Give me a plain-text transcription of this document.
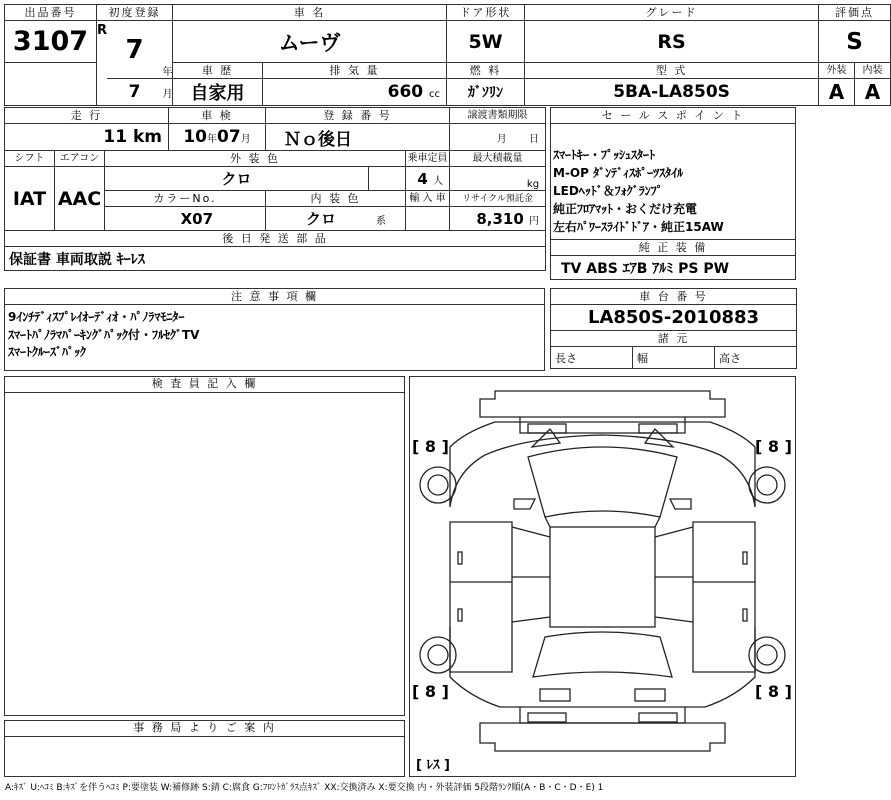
出品番号	初度登録			車 名		ドア形状	グレード	評価点	
3107	R	7	年	ムーヴ		5W	RS	S	
				車 歴	排 気 量	燃 料	型 式	外装	内装
		7	月	自家用	660 cc	ｶﾞｿﾘﾝ	5BA-LA850S	A	A
走 行			車 検	登 録 番 号			譲渡書類期限
11 km			10年07月	Ｎｏ後日			月 日
シフト	エアコン	外 装 色				乗車定員	最大積載量
IAT	AAC	クロ				4 人	kg
		カラーNo.		内 装 色		輸 入 車	リサイクル預託金
		X07		クロ 系			8,310 円
後 日 発 送 部 品							
保証書 車両取説 ｷｰﾚｽ							
セ ー ル ス ポ イ ン ト

ｽﾏｰﾄｷｰ・ﾌﾟｯｼｭｽﾀｰﾄ
M-OP ﾀﾞﾝﾃﾞｨｽﾎﾟｰﾂｽﾀｲﾙ
LEDﾍｯﾄﾞ＆ﾌｫｸﾞﾗﾝﾌﾟ
純正ﾌﾛｱﾏｯﾄ・おくだけ充電
左右ﾊﾟﾜｰｽﾗｲﾄﾞﾄﾞｱ・純正15AW

純 正 装 備
TV ABS ｴｱB ｱﾙﾐ PS PW
注 意 事 項 欄

9ｲﾝﾁﾃﾞｨｽﾌﾟﾚｲｵｰﾃﾞｨｵ・ﾊﾟﾉﾗﾏﾓﾆﾀｰ
ｽﾏｰﾄﾊﾟﾉﾗﾏﾊﾟｰｷﾝｸﾞﾊﾟｯｸ付・ﾌﾙｾｸﾞTV
ｽﾏｰﾄｸﾙｰｽﾞﾊﾟｯｸ
車 台 番 号
LA850S-2010883
諸 元
長さ	幅	高さ
検 査 員 記 入 欄
事 務 局 よ り ご 案 内
[ 8 ]	[ 8 ]
[ 8 ]	[ 8 ]
[ ﾚｽ ]
A:ｷｽﾞ U:ﾍｺﾐ B:ｷｽﾞを伴うﾍｺﾐ P:要塗装 W:補修跡 S:錆 C:腐食 G:ﾌﾛﾝﾄｶﾞﾗｽ点ｷｽﾞ XX:交換済み X:要交換 内・外装評価 5段階ﾗﾝｸ順(A・B・C・D・E) 1
